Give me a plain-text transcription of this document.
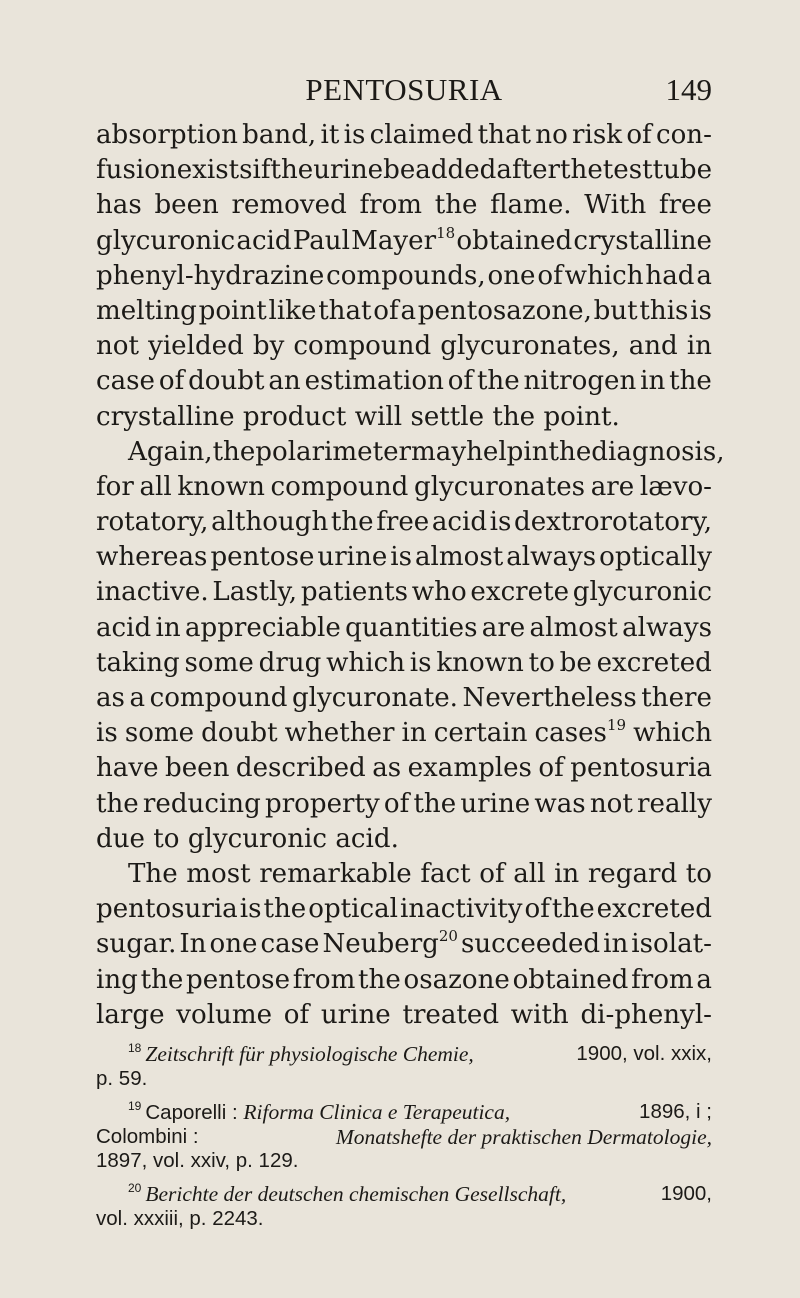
PENTOSURIA	149
absorption band, it is claimed that no risk of con-
fusion exists if the urine be added after the test tube
has been removed from the flame. With free
glycuronic acid Paul Mayer$^{18}$ obtained crystalline
phenyl-hydrazine compounds, one of which had a
melting point like that of a pentosazone, but this is
not yielded by compound glycuronates, and in
case of doubt an estimation of the nitrogen in the
crystalline product will settle the point.
Again, the polarimeter may help in the diagnosis,
for all known compound glycuronates are lævo-
rotatory, although the free acid is dextrorotatory,
whereas pentose urine is almost always optically
inactive. Lastly, patients who excrete glycuronic
acid in appreciable quantities are almost always
taking some drug which is known to be excreted
as a compound glycuronate. Nevertheless there
is some doubt whether in certain cases$^{19}$ which
have been described as examples of pentosuria
the reducing property of the urine was not really
due to glycuronic acid.
The most remarkable fact of all in regard to
pentosuria is the optical inactivity of the excreted
sugar. In one case Neuberg$^{20}$ succeeded in isolat-
ing the pentose from the osazone obtained from a
large volume of urine treated with di-phenyl-
$^{18}$ Zeitschrift für physiologische Chemie,	1900, vol. xxix,
p. 59.
$^{19}$ Caporelli : Riforma Clinica e Terapeutica,	1896, i ;
Colombini :	Monatshefte der praktischen Dermatologie,
1897, vol. xxiv, p. 129.
$^{20}$ Berichte der deutschen chemischen Gesellschaft,	1900,
vol. xxxiii, p. 2243.
